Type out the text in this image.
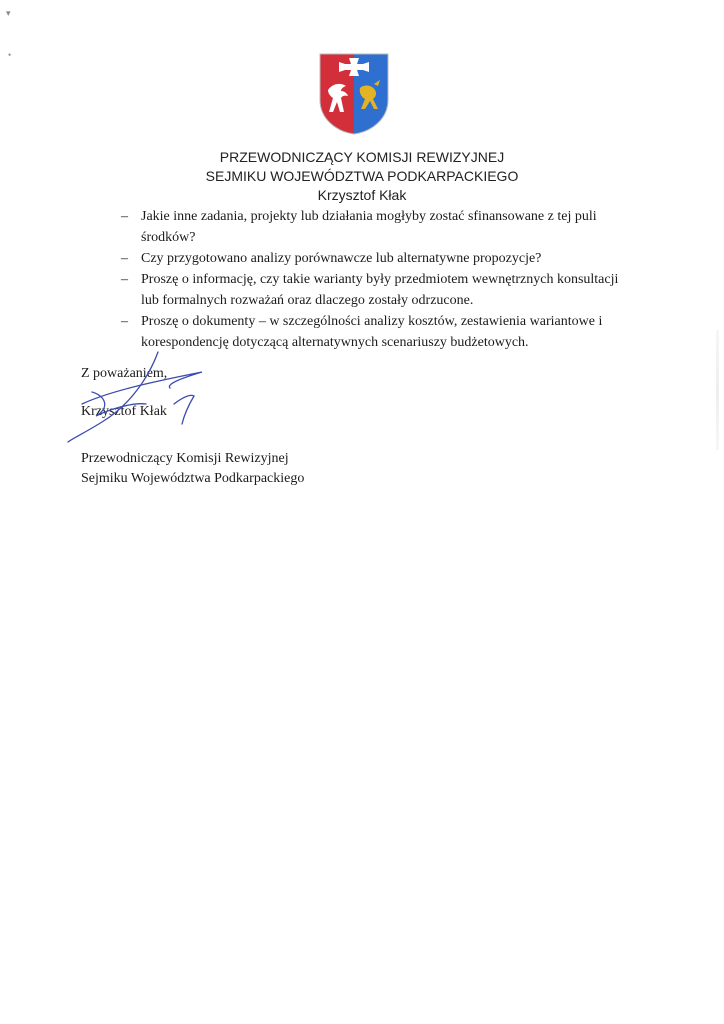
▾
•
PRZEWODNICZĄCY KOMISJI REWIZYJNEJ
SEJMIKU WOJEWÓDZTWA PODKARPACKIEGO
Krzysztof Kłak
– Jakie inne zadania, projekty lub działania mogłyby zostać sfinansowane z tej puli środków?
– Czy przygotowano analizy porównawcze lub alternatywne propozycje?
– Proszę o informację, czy takie warianty były przedmiotem wewnętrznych konsultacji lub formalnych rozważań oraz dlaczego zostały odrzucone.
– Proszę o dokumenty – w szczególności analizy kosztów, zestawienia wariantowe i korespondencję dotyczącą alternatywnych scenariuszy budżetowych.
Z poważaniem,
Krzysztof Kłak
Przewodniczący Komisji Rewizyjnej
Sejmiku Województwa Podkarpackiego
